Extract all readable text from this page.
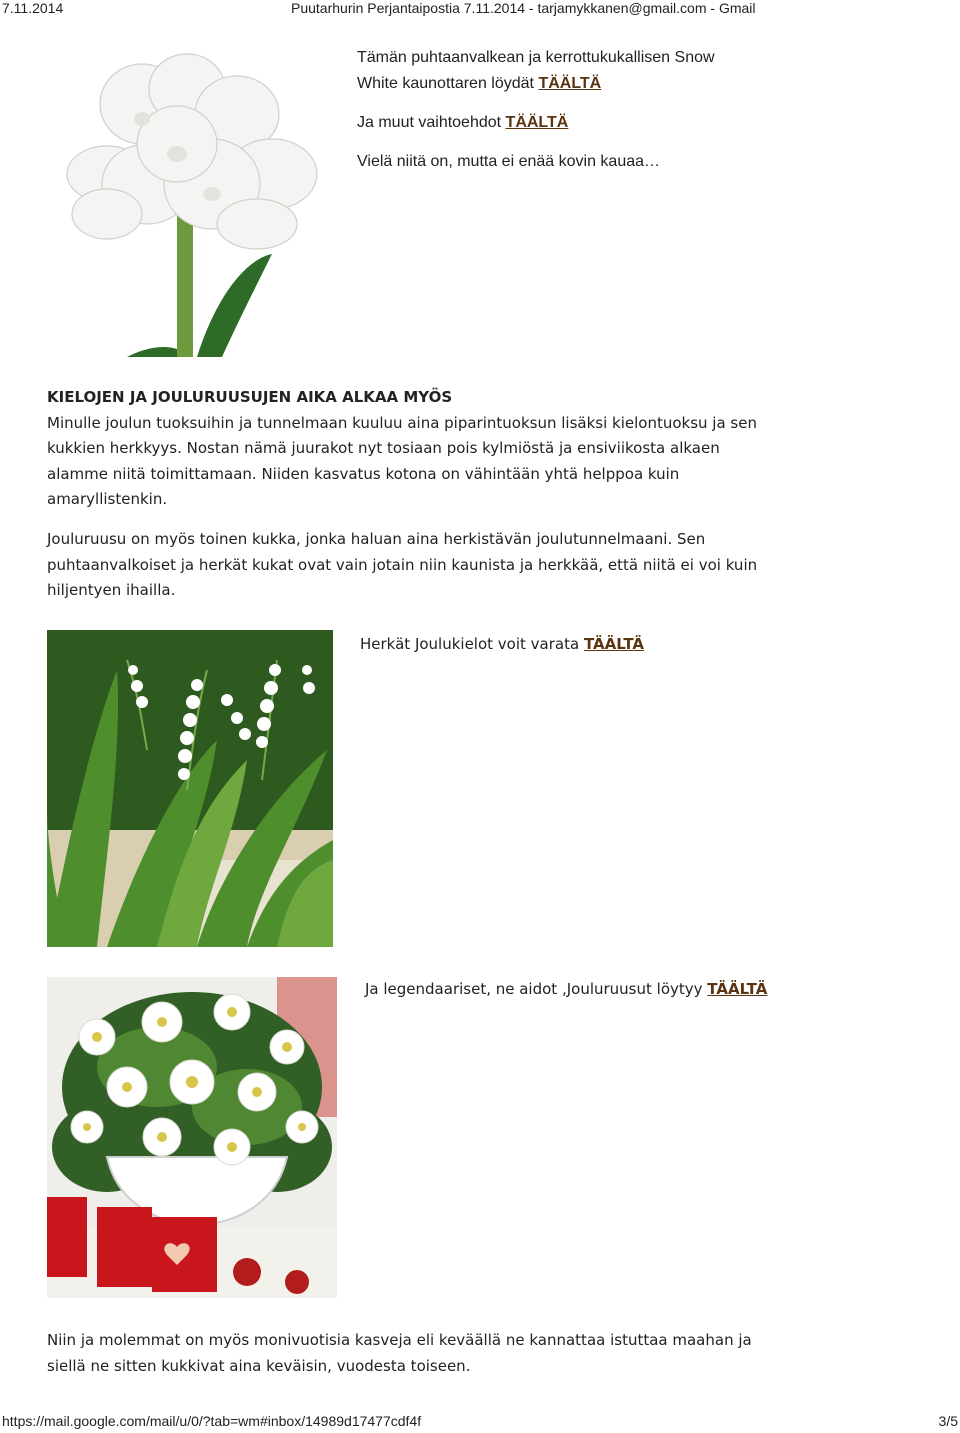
7.11.2014	Puutarhurin Perjantaipostia 7.11.2014 - tarjamykkanen@gmail.com - Gmail

Tämän puhtaanvalkean ja kerrottukukallisen Snow

White kaunottaren löydät TÄÄLTÄ

Ja muut vaihtoehdot TÄÄLTÄ

Vielä niitä on, mutta ei enää kovin kauaa…

KIELOJEN JA JOULURUUSUJEN AIKA ALKAA MYÖS

Minulle joulun tuoksuihin ja tunnelmaan kuuluu aina piparintuoksun lisäksi kielontuoksu ja sen

kukkien herkkyys. Nostan nämä juurakot nyt tosiaan pois kylmiöstä ja ensiviikosta alkaen

alamme niitä toimittamaan. Niiden kasvatus kotona on vähintään yhtä helppoa kuin

amaryllistenkin.

Jouluruusu on myös toinen kukka, jonka haluan aina herkistävän joulutunnelmaani. Sen

puhtaanvalkoiset ja herkät kukat ovat vain jotain niin kaunista ja herkkää, että niitä ei voi kuin

hiljentyen ihailla.

Herkät Joulukielot voit varata TÄÄLTÄ

Ja legendaariset, ne aidot ,Jouluruusut löytyy TÄÄLTÄ

Niin ja molemmat on myös monivuotisia kasveja eli keväällä ne kannattaa istuttaa maahan ja

siellä ne sitten kukkivat aina keväisin, vuodesta toiseen.

https://mail.google.com/mail/u/0/?tab=wm#inbox/14989d17477cdf4f	3/5
